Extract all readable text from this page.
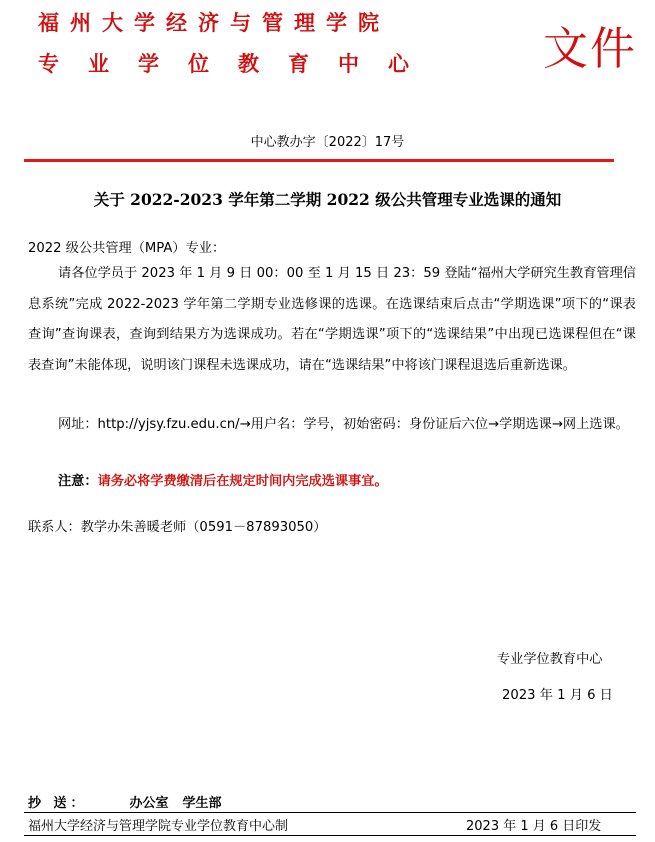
福州大学经济与管理学院
专业学位教育中心 文件
中心教办字〔2022〕17号
关于 2022-2023 学年第二学期 2022 级公共管理专业选课的通知
2022 级公共管理（MPA）专业：
请各位学员于 2023 年 1 月 9 日 00：00 至 1 月 15 日 23：59 登陆“福州大学研究生教育管理信息系统”完成 2022-2023 学年第二学期专业选修课的选课。在选课结束后点击“学期选课”项下的“课表查询”查询课表，查询到结果方为选课成功。若在“学期选课”项下的“选课结果”中出现已选课程但在“课表查询”未能体现，说明该门课程未选课成功，请在“选课结果”中将该门课程退选后重新选课。
网址：http://yjsy.fzu.edu.cn/→用户名：学号，初始密码：身份证后六位→学期选课→网上选课。
注意：请务必将学费缴清后在规定时间内完成选课事宜。
联系人：教学办朱善暖老师（0591－87893050）
专业学位教育中心
2023 年 1 月 6 日
抄 送：	办公室 学生部
福州大学经济与管理学院专业学位教育中心制	2023 年 1 月 6 日印发
